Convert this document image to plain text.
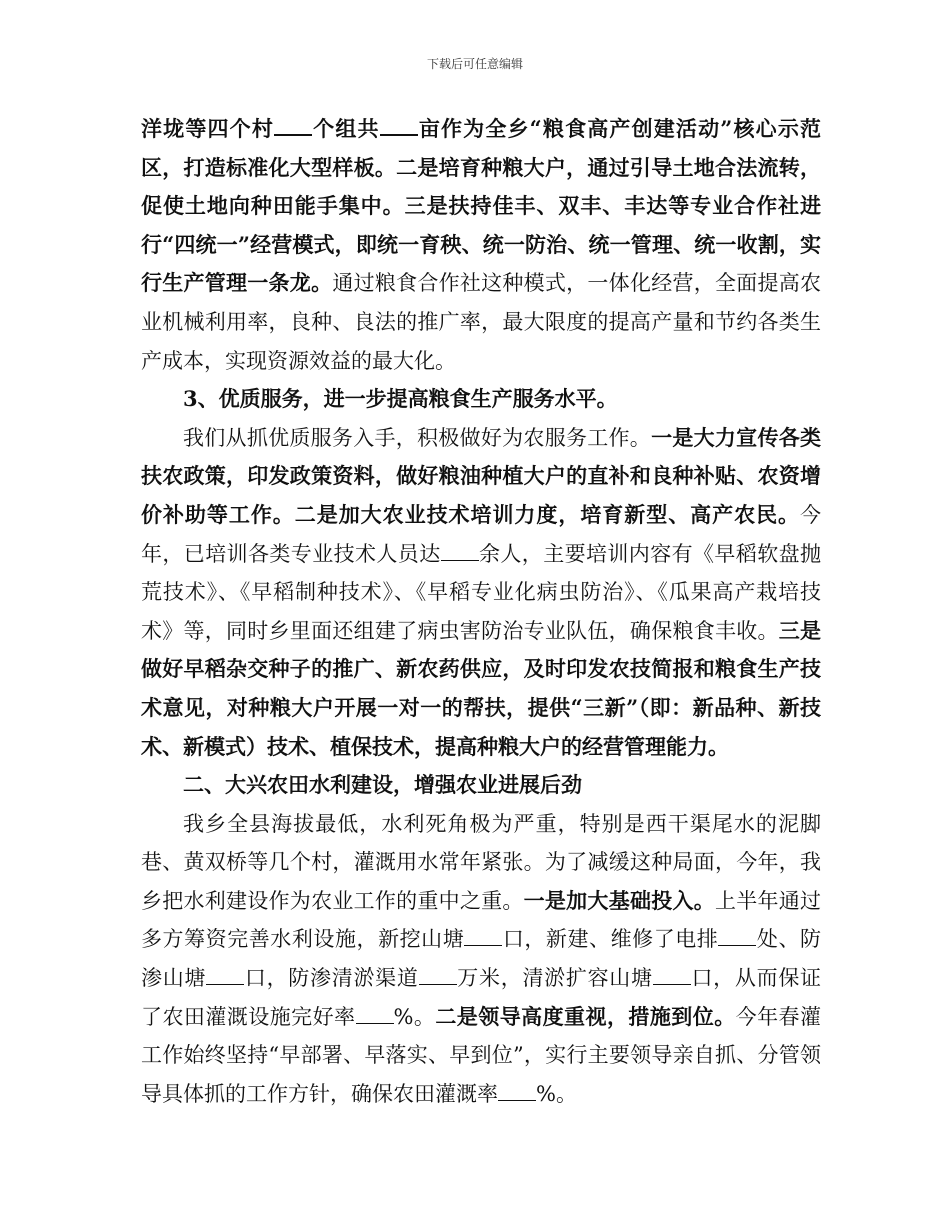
下载后可任意编辑

洋垅等四个村 个组共 亩作为全乡“粮食高产创建活动”核心示范区，打造标准化大型样板。二是培育种粮大户，通过引导土地合法流转，促使土地向种田能手集中。三是扶持佳丰、双丰、丰达等专业合作社进行“四统一”经营模式，即统一育秧、统一防治、统一管理、统一收割，实行生产管理一条龙。通过粮食合作社这种模式，一体化经营，全面提高农业机械利用率，良种、良法的推广率，最大限度的提高产量和节约各类生产成本，实现资源效益的最大化。

3、优质服务，进一步提高粮食生产服务水平。

我们从抓优质服务入手，积极做好为农服务工作。一是大力宣传各类扶农政策，印发政策资料，做好粮油种植大户的直补和良种补贴、农资增价补助等工作。二是加大农业技术培训力度，培育新型、高产农民。今年，已培训各类专业技术人员达 余人，主要培训内容有《早稻软盘抛荒技术》、《早稻制种技术》、《早稻专业化病虫防治》、《瓜果高产栽培技术》等，同时乡里面还组建了病虫害防治专业队伍，确保粮食丰收。三是做好早稻杂交种子的推广、新农药供应，及时印发农技简报和粮食生产技术意见，对种粮大户开展一对一的帮扶，提供“三新”（即：新品种、新技术、新模式）技术、植保技术，提高种粮大户的经营管理能力。

二、大兴农田水利建设，增强农业进展后劲

我乡全县海拔最低，水利死角极为严重，特别是西干渠尾水的泥脚巷、黄双桥等几个村，灌溉用水常年紧张。为了减缓这种局面，今年，我乡把水利建设作为农业工作的重中之重。一是加大基础投入。上半年通过多方筹资完善水利设施，新挖山塘 口，新建、维修了电排 处、防渗山塘 口，防渗清淤渠道 万米，清淤扩容山塘 口，从而保证了农田灌溉设施完好率 %。二是领导高度重视，措施到位。今年春灌工作始终坚持“早部署、早落实、早到位”，实行主要领导亲自抓、分管领导具体抓的工作方针，确保农田灌溉率 %。
